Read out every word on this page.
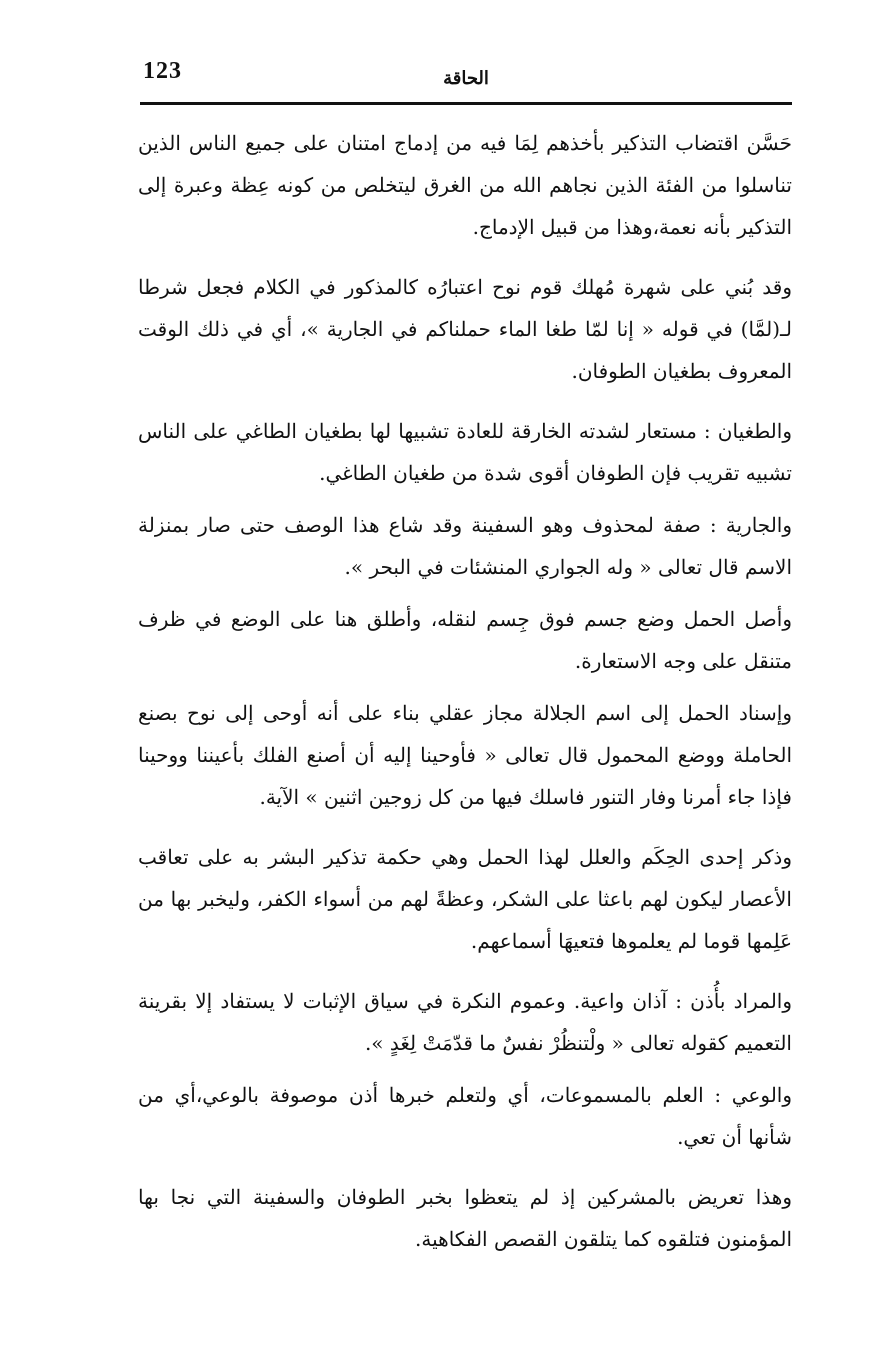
123	الحاقة

حَسَّن اقتضاب التذكير بأخذهم لِمَا فيه من إدماج امتنان على جميع الناس الذين تناسلوا من الفئة الذين نجاهم الله من الغرق ليتخلص من كونه عِظة وعبرة إلى التذكير بأنه نعمة،وهذا من قبيل الإدماج.

وقد بُني على شهرة مُهلك قوم نوح اعتبارُه كالمذكور في الكلام فجعل شرطا لـ(لمَّا) في قوله « إنا لمّا طغا الماء حملناكم في الجارية »، أي في ذلك الوقت المعروف بطغيان الطوفان.

والطغيان : مستعار لشدته الخارقة للعادة تشبيها لها بطغيان الطاغي على الناس تشبيه تقريب فإن الطوفان أقوى شدة من طغيان الطاغي.

والجارية : صفة لمحذوف وهو السفينة وقد شاع هذا الوصف حتى صار بمنزلة الاسم قال تعالى « وله الجواري المنشئات في البحر ».

وأصل الحمل وضع جسم فوق جِسم لنقله، وأطلق هنا على الوضع في ظرف متنقل على وجه الاستعارة.

وإسناد الحمل إلى اسم الجلالة مجاز عقلي بناء على أنه أوحى إلى نوح بصنع الحاملة ووضع المحمول قال تعالى « فأوحينا إليه أن أصنع الفلك بأعيننا ووحينا فإذا جاء أمرنا وفار التنور فاسلك فيها من كل زوجين اثنين » الآية.

وذكر إحدى الحِكَم والعلل لهذا الحمل وهي حكمة تذكير البشر به على تعاقب الأعصار ليكون لهم باعثا على الشكر، وعظةً لهم من أسواء الكفر، وليخبر بها من عَلِمها قوما لم يعلموها فتعيهَا أسماعهم.

والمراد بأُذن : آذان واعية. وعموم النكرة في سياق الإثبات لا يستفاد إلا بقرينة التعميم كقوله تعالى « ولْتنظُرْ نفسٌ ما قدّمَتْ لِغَدٍ ».

والوعي : العلم بالمسموعات، أي ولتعلم خبرها أذن موصوفة بالوعي،أي من شأنها أن تعي.

وهذا تعريض بالمشركين إذ لم يتعظوا بخبر الطوفان والسفينة التي نجا بها المؤمنون فتلقوه كما يتلقون القصص الفكاهية.
